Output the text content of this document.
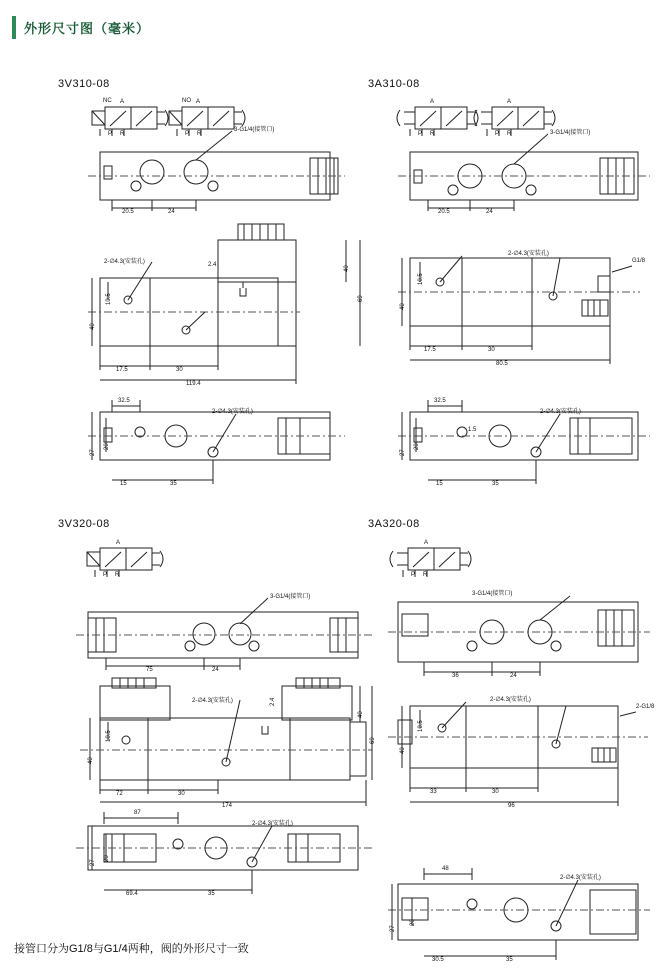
外形尺寸图（毫米）
3V310-08	3A310-08
3V320-08	3A320-08
NC	NO
A	A
P R	P R
3-G1/4(接管口)
20.5	24
2-∅4.3(安装孔)	2.4
17.5	30
119.4
40
10.5
40
69
2-∅4.3(安装孔)
32.5
20
27
15	35
A	A
P R	P R	3-G1/4(接管口)
20.5	24
2-∅4.3(安装孔)
G1/8
17.5	30
80.5
40
10.5
2-∅4.3(安装孔)
32.5
20
27
1.5
15	35
A
P R
3-G1/4(接管口)
75	24
2-∅4.3(安装孔)	2.4
72	30
174
40
10.5
40
69
2-∅4.3(安装孔)
87
20
27
69.4	35
A
P R
3-G1/4(接管口)
36	24
2-∅4.3(安装孔)
2-G1/8
33	30
96
40
10.5
2-∅4.3(安装孔)
48
20
27
30.5	35
接管口分为G1/8与G1/4两种，阀的外形尺寸一致
